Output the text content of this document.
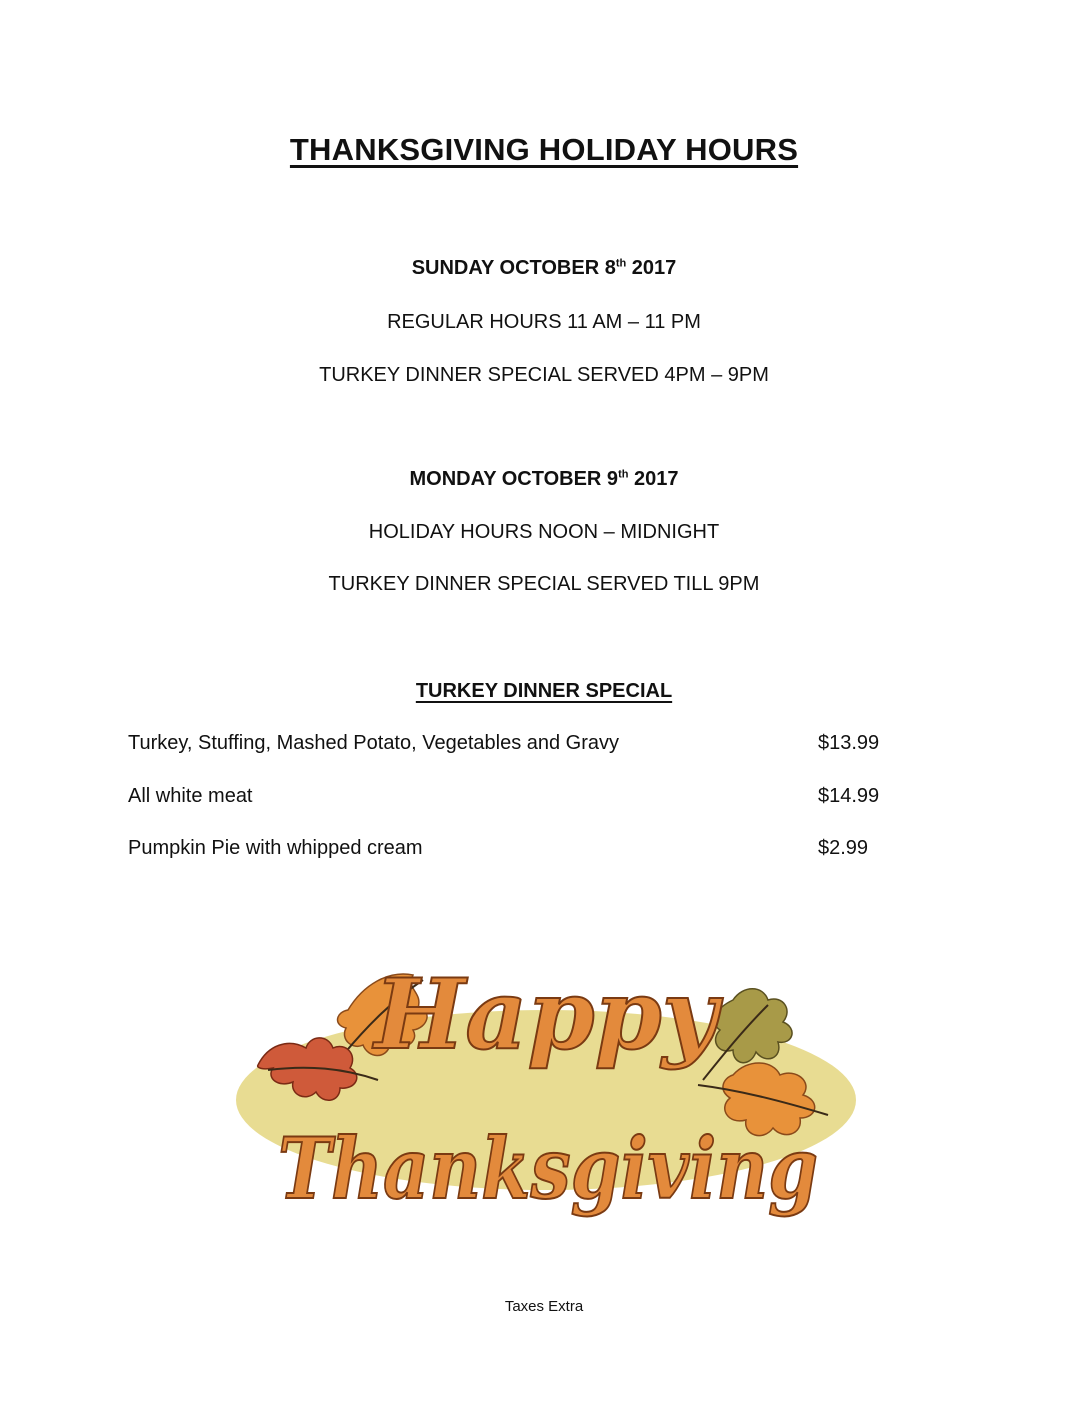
THANKSGIVING HOLIDAY HOURS
SUNDAY OCTOBER 8th 2017
REGULAR HOURS 11 AM – 11 PM
TURKEY DINNER SPECIAL SERVED 4PM – 9PM
MONDAY OCTOBER 9th 2017
HOLIDAY HOURS NOON – MIDNIGHT
TURKEY DINNER SPECIAL SERVED TILL 9PM
TURKEY DINNER SPECIAL
Turkey, Stuffing, Mashed Potato, Vegetables and Gravy	$13.99
All white meat	$14.99
Pumpkin Pie with whipped cream	$2.99
Happy
Thanksgiving
Taxes Extra
